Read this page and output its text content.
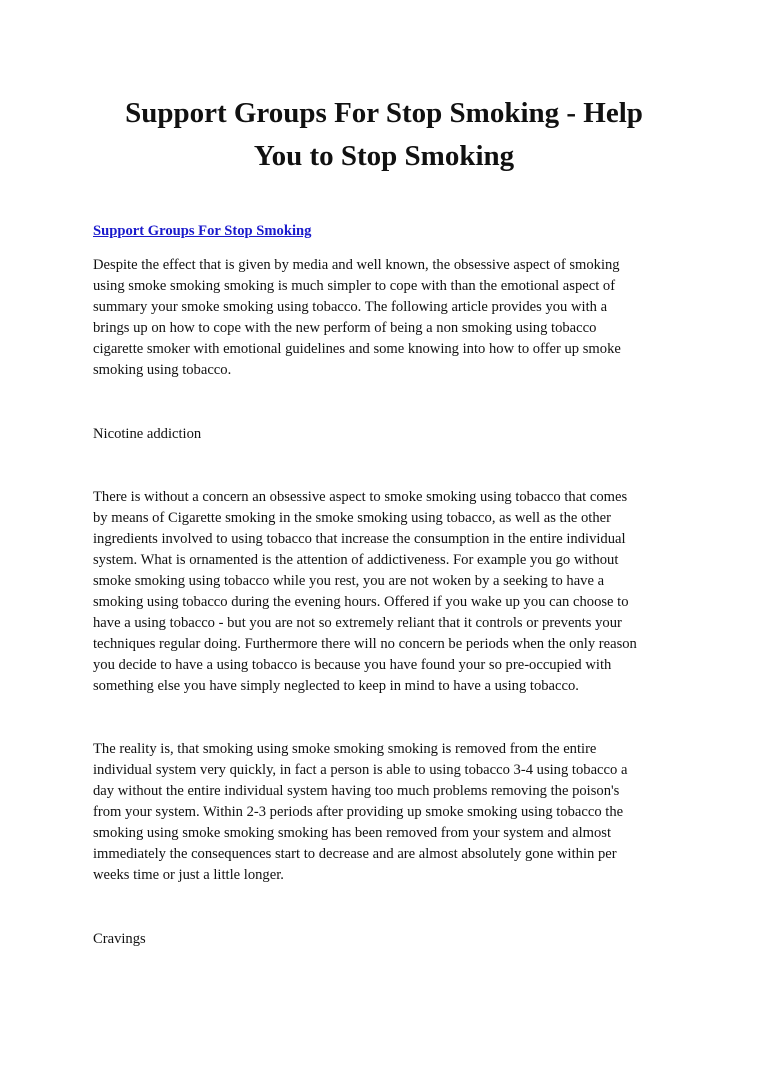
Support Groups For Stop Smoking - Help
You to Stop Smoking
Support Groups For Stop Smoking

Despite the effect that is given by media and well known, the obsessive aspect of smoking
using smoke smoking smoking is much simpler to cope with than the emotional aspect of
summary your smoke smoking using tobacco. The following article provides you with a
brings up on how to cope with the new perform of being a non smoking using tobacco
cigarette smoker with emotional guidelines and some knowing into how to offer up smoke
smoking using tobacco.

Nicotine addiction

There is without a concern an obsessive aspect to smoke smoking using tobacco that comes
by means of Cigarette smoking in the smoke smoking using tobacco, as well as the other
ingredients involved to using tobacco that increase the consumption in the entire individual
system. What is ornamented is the attention of addictiveness. For example you go without
smoke smoking using tobacco while you rest, you are not woken by a seeking to have a
smoking using tobacco during the evening hours. Offered if you wake up you can choose to
have a using tobacco - but you are not so extremely reliant that it controls or prevents your
techniques regular doing. Furthermore there will no concern be periods when the only reason
you decide to have a using tobacco is because you have found your so pre-occupied with
something else you have simply neglected to keep in mind to have a using tobacco.

The reality is, that smoking using smoke smoking smoking is removed from the entire
individual system very quickly, in fact a person is able to using tobacco 3-4 using tobacco a
day without the entire individual system having too much problems removing the poison's
from your system. Within 2-3 periods after providing up smoke smoking using tobacco the
smoking using smoke smoking smoking has been removed from your system and almost
immediately the consequences start to decrease and are almost absolutely gone within per
weeks time or just a little longer.

Cravings
